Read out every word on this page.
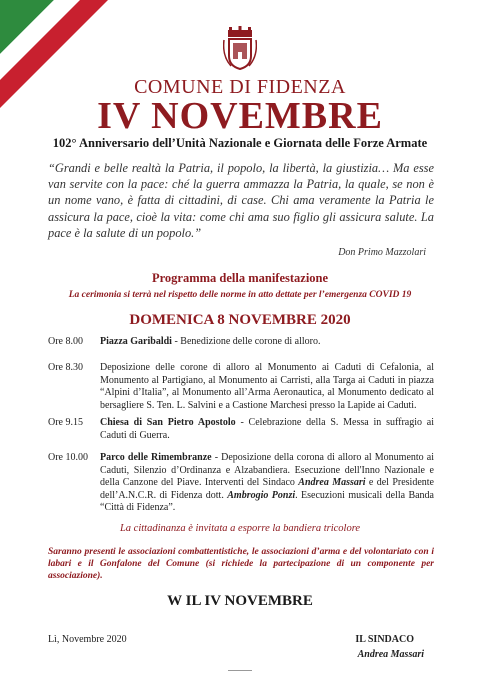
COMUNE DI FIDENZA
IV NOVEMBRE
102° Anniversario dell’Unità Nazionale e Giornata delle Forze Armate
“Grandi e belle realtà la Patria, il popolo, la libertà, la giustizia… Ma esse van servite con la pace: ché la guerra ammazza la Patria, la quale, se non è un nome vano, è fatta di cittadini, di case. Chi ama veramente la Patria le assicura la pace, cioè la vita: come chi ama suo figlio gli assicura salute. La pace è la salute di un popolo.”
Don Primo Mazzolari
Programma della manifestazione
La cerimonia si terrà nel rispetto delle norme in atto dettate per l’emergenza COVID 19
DOMENICA 8 NOVEMBRE 2020
Ore 8.00	Piazza Garibaldi - Benedizione delle corone di alloro.
Ore 8.30	Deposizione delle corone di alloro al Monumento ai Caduti di Cefalonia, al Monumento al Partigiano, al Monumento ai Carristi, alla Targa ai Caduti in piazza “Alpini d’Italia”, al Monumento all’Arma Aeronautica, al Monumento dedicato al bersagliere S. Ten. L. Salvini e a Castione Marchesi presso la Lapide ai Caduti.
Ore 9.15	Chiesa di San Pietro Apostolo - Celebrazione della S. Messa in suffragio ai Caduti di Guerra.
Ore 10.00 Parco delle Rimembranze - Deposizione della corona di alloro al Monumento ai Caduti, Silenzio d’Ordinanza e Alzabandiera. Esecuzione dell'Inno Nazionale e della Canzone del Piave. Interventi del Sindaco Andrea Massari e del Presidente dell’A.N.C.R. di Fidenza dott. Ambrogio Ponzi. Esecuzioni musicali della Banda “Città di Fidenza”.
La cittadinanza è invitata a esporre la bandiera tricolore
Saranno presenti le associazioni combattentistiche, le associazioni d’arma e del volontariato con i labari e il Gonfalone del Comune (si richiede la partecipazione di un componente per associazione).
W IL IV NOVEMBRE
Lì, Novembre 2020	IL SINDACO
Andrea Massari
